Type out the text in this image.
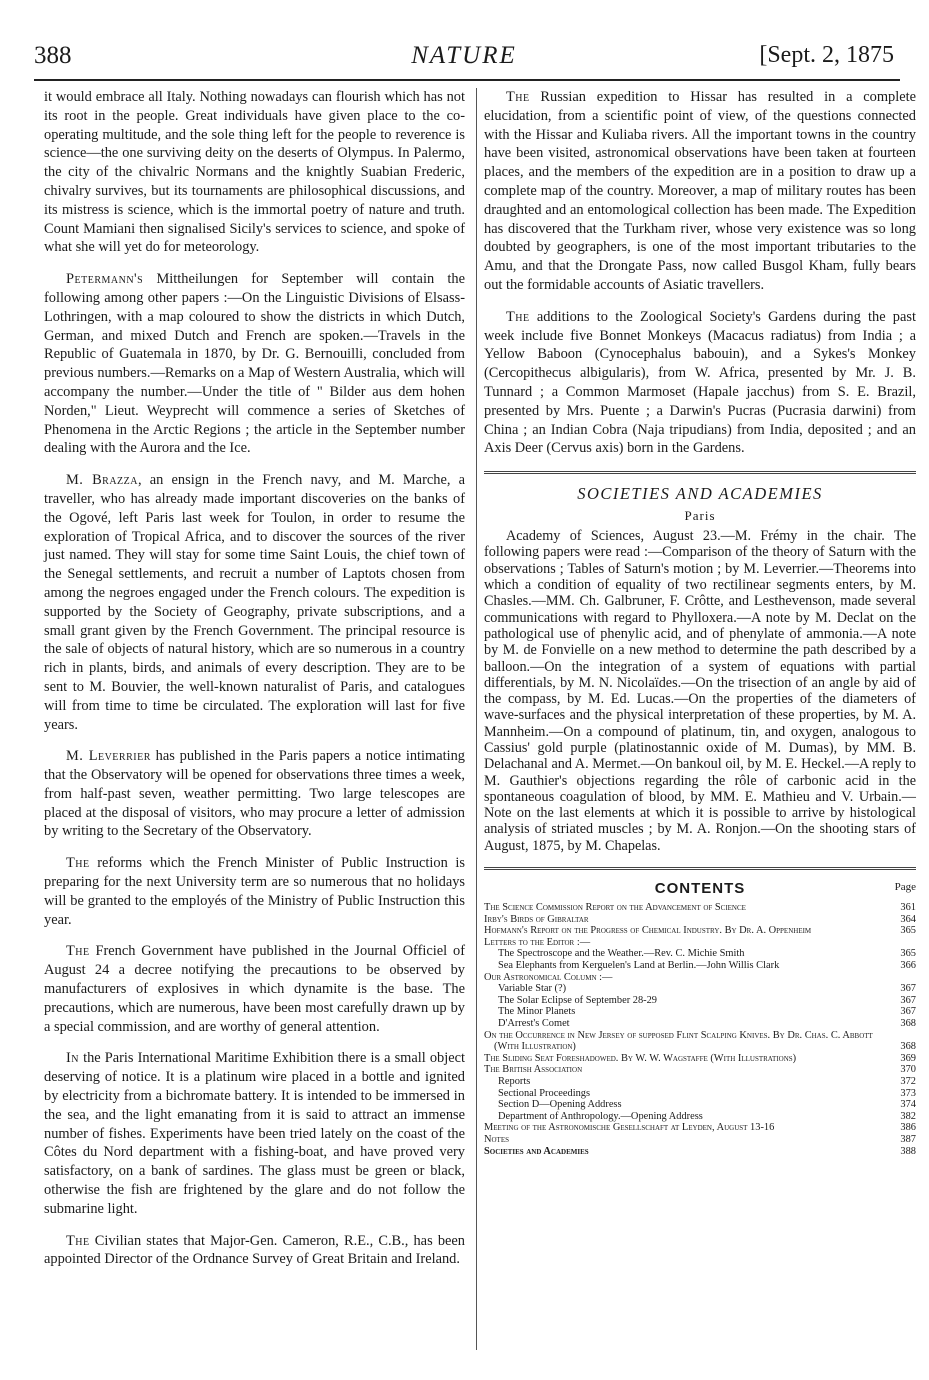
388	NATURE	[Sept. 2, 1875

it would embrace all Italy. Nothing nowadays can flourish which has not its root in the people. Great individuals have given place to the co-operating multitude, and the sole thing left for the people to reverence is science—the one surviving deity on the deserts of Olympus. In Palermo, the city of the chivalric Normans and the knightly Suabian Frederic, chivalry survives, but its tournaments are philosophical discussions, and its mistress is science, which is the immortal poetry of nature and truth. Count Mamiani then signalised Sicily's services to science, and spoke of what she will yet do for meteorology.

Petermann's Mittheilungen for September will contain the following among other papers :—On the Linguistic Divisions of Elsass-Lothringen, with a map coloured to show the districts in which Dutch, German, and mixed Dutch and French are spoken.—Travels in the Republic of Guatemala in 1870, by Dr. G. Bernouilli, concluded from previous numbers.—Remarks on a Map of Western Australia, which will accompany the number.—Under the title of " Bilder aus dem hohen Norden," Lieut. Weyprecht will commence a series of Sketches of Phenomena in the Arctic Regions ; the article in the September number dealing with the Aurora and the Ice.

M. Brazza, an ensign in the French navy, and M. Marche, a traveller, who has already made important discoveries on the banks of the Ogové, left Paris last week for Toulon, in order to resume the exploration of Tropical Africa, and to discover the sources of the river just named. They will stay for some time Saint Louis, the chief town of the Senegal settlements, and recruit a number of Laptots chosen from among the negroes engaged under the French colours. The expedition is supported by the Society of Geography, private subscriptions, and a small grant given by the French Government. The principal resource is the sale of objects of natural history, which are so numerous in a country rich in plants, birds, and animals of every description. They are to be sent to M. Bouvier, the well-known naturalist of Paris, and catalogues will from time to time be circulated. The exploration will last for five years.

M. Leverrier has published in the Paris papers a notice intimating that the Observatory will be opened for observations three times a week, from half-past seven, weather permitting. Two large telescopes are placed at the disposal of visitors, who may procure a letter of admission by writing to the Secretary of the Observatory.

The reforms which the French Minister of Public Instruction is preparing for the next University term are so numerous that no holidays will be granted to the employés of the Ministry of Public Instruction this year.

The French Government have published in the Journal Officiel of August 24 a decree notifying the precautions to be observed by manufacturers of explosives in which dynamite is the base. The precautions, which are numerous, have been most carefully drawn up by a special commission, and are worthy of general attention.

In the Paris International Maritime Exhibition there is a small object deserving of notice. It is a platinum wire placed in a bottle and ignited by electricity from a bichromate battery. It is intended to be immersed in the sea, and the light emanating from it is said to attract an immense number of fishes. Experiments have been tried lately on the coast of the Côtes du Nord department with a fishing-boat, and have proved very satisfactory, on a bank of sardines. The glass must be green or black, otherwise the fish are frightened by the glare and do not follow the submarine light.

The Civilian states that Major-Gen. Cameron, R.E., C.B., has been appointed Director of the Ordnance Survey of Great Britain and Ireland.

The Russian expedition to Hissar has resulted in a complete elucidation, from a scientific point of view, of the questions connected with the Hissar and Kuliaba rivers. All the important towns in the country have been visited, astronomical observations have been taken at fourteen places, and the members of the expedition are in a position to draw up a complete map of the country. Moreover, a map of military routes has been draughted and an entomological collection has been made. The Expedition has discovered that the Turkham river, whose very existence was so long doubted by geographers, is one of the most important tributaries to the Amu, and that the Drongate Pass, now called Busgol Kham, fully bears out the formidable accounts of Asiatic travellers.

The additions to the Zoological Society's Gardens during the past week include five Bonnet Monkeys (Macacus radiatus) from India ; a Yellow Baboon (Cynocephalus babouin), and a Sykes's Monkey (Cercopithecus albigularis), from W. Africa, presented by Mr. J. B. Tunnard ; a Common Marmoset (Hapale jacchus) from S. E. Brazil, presented by Mrs. Puente ; a Darwin's Pucras (Pucrasia darwini) from China ; an Indian Cobra (Naja tripudians) from India, deposited ; and an Axis Deer (Cervus axis) born in the Gardens.

SOCIETIES AND ACADEMIES
Paris

Academy of Sciences, August 23.—M. Frémy in the chair. The following papers were read :—Comparison of the theory of Saturn with the observations ; Tables of Saturn's motion ; by M. Leverrier.—Theorems into which a condition of equality of two rectilinear segments enters, by M. Chasles.—MM. Ch. Galbruner, F. Crôtte, and Lesthevenson, made several communications with regard to Phylloxera.—A note by M. Declat on the pathological use of phenylic acid, and of phenylate of ammonia.—A note by M. de Fonvielle on a new method to determine the path described by a balloon.—On the integration of a system of equations with partial differentials, by M. N. Nicolaïdes.—On the trisection of an angle by aid of the compass, by M. Ed. Lucas.—On the properties of the diameters of wave-surfaces and the physical interpretation of these properties, by M. A. Mannheim.—On a compound of platinum, tin, and oxygen, analogous to Cassius' gold purple (platinostannic oxide of M. Dumas), by MM. B. Delachanal and A. Mermet.—On bankoul oil, by M. E. Heckel.—A reply to M. Gauthier's objections regarding the rôle of carbonic acid in the spontaneous coagulation of blood, by MM. E. Mathieu and V. Urbain.—Note on the last elements at which it is possible to arrive by histological analysis of striated muscles ; by M. A. Ronjon.—On the shooting stars of August, 1875, by M. Chapelas.

CONTENTS	Page
The Science Commission Report on the Advancement of Science	361
Irby's Birds of Gibraltar	364
Hofmann's Report on the Progress of Chemical Industry. By Dr. A. Oppenheim	365
Letters to the Editor :—
The Spectroscope and the Weather.—Rev. C. Michie Smith	365
Sea Elephants from Kerguelen's Land at Berlin.—John Willis Clark	366
Our Astronomical Column :—
Variable Star (?)	367
The Solar Eclipse of September 28-29	367
The Minor Planets	367
D'Arrest's Comet	368
On the Occurrence in New Jersey of supposed Flint Scalping Knives. By Dr. Chas. C. Abbott (With Illustration)	368
The Sliding Seat Foreshadowed. By W. W. Wagstaffe (With Illustrations)	369
The British Association	370
Reports	372
Sectional Proceedings	373
Section D—Opening Address	374
Department of Anthropology.—Opening Address	382
Meeting of the Astronomische Gesellschaft at Leyden, August 13-16	386
Notes	387
Societies and Academies	388
